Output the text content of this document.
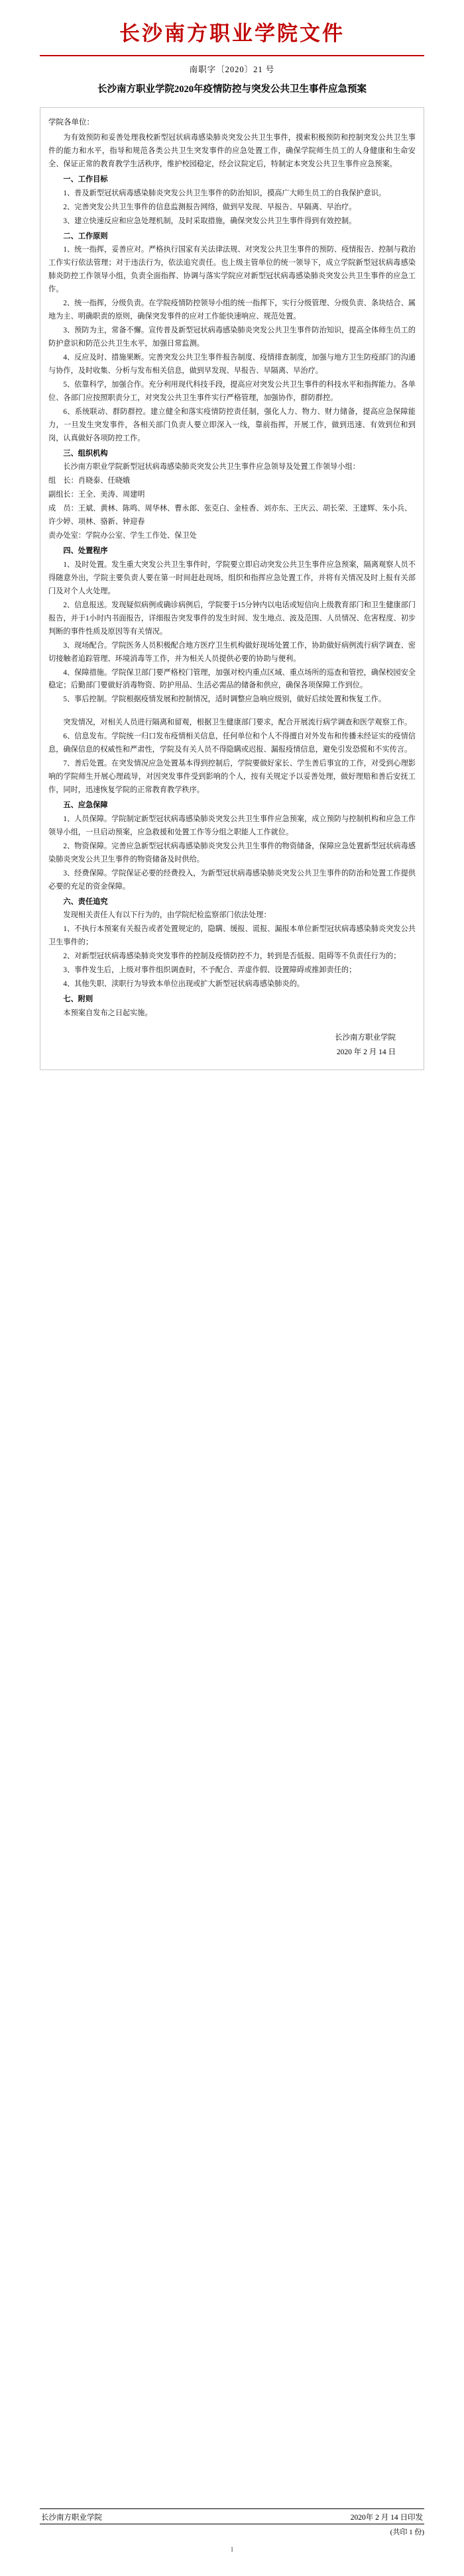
长沙南方职业学院文件
南职字〔2020〕21 号
长沙南方职业学院2020年疫情防控与突发公共卫生事件应急预案
学院各单位：

为有效预防和妥善处理我校新型冠状病毒感染肺炎突发公共卫生事件，摸索积极预防和控制突发公共卫生事件的能力和水平，指导和规范各类公共卫生突发事件的应急处置工作，确保学院师生员工的人身健康和生命安全、保证正常的教育教学生活秩序，维护校园稳定，经会议院定后，特制定本突发公共卫生事件应急预案。

一、工作目标

1、普及新型冠状病毒感染肺炎突发公共卫生事件的防治知识，摸高广大师生员工的自我保护意识。

2、完善突发公共卫生事件的信息监测报告网络，做到早发现、早报告、早隔离、早治疗。

3、建立快速反应和应急处理机制，及时采取措施，确保突发公共卫生事件得到有效控制。

二、工作原则

1、统一指挥，妥善应对。严格执行国家有关法律法规、对突发公共卫生事件的预防、疫情报告、控制与救治工作实行依法管理；对于违法行为，依法追究责任。也上级主管单位的统一领导下，成立学院新型冠状病毒感染肺炎防控工作领导小组，负责全面指挥、协调与落实学院应对新型冠状病毒感染肺炎突发公共卫生事件的应急工作。

2、统一指挥，分级负责。在学院疫情防控领导小组的统一指挥下，实行分级管理、分级负责、条块结合、属地为主、明确职责的原则，确保突发事件的应对工作能快速响应、规范处置。

3、预防为主，常备不懈。宣传普及新型冠状病毒感染肺炎突发公共卫生事件防治知识，提高全体师生员工的防护意识和防范公共卫生水平，加强日常监测。

4、反应及时、措施果断。完善突发公共卫生事件报告制度、疫情排查制度，加强与地方卫生防疫部门的沟通与协作，及时收集、分析与发布相关信息，做到早发现、早报告、早隔离、早治疗。

5、依靠科学，加强合作。充分利用现代科技手段，提高应对突发公共卫生事件的科技水平和指挥能力。各单位、各部门应按照职责分工，对突发公共卫生事件实行严格管理，加强协作，群防群控。

6、系统联动、群防群控。建立健全和落实疫情防控责任制，强化人力、物力、财力储备，提高应急保障能力，一旦发生突发事件，各相关部门负责人要立即深入一线，靠前指挥，开展工作，做到迅速、有效到位和到岗，认真做好各项防控工作。

三、组织机构

长沙南方职业学院新型冠状病毒感染肺炎突发公共卫生事件应急领导及处置工作领导小组：

组　长：肖晓泰、任晓娥

副组长：王全、美涛、周建明

成　员：王斌、黄林、陈鸣、周华林、曹永郎、张克白、金桂香、刘亦东、王庆云、胡长荣、王建辉、朱小兵、许少婷、项林、骆新、钟迎春

责办处室：学院办公室、学生工作处、保卫处

四、处置程序

1、及时处置。发生重大突发公共卫生事件时，学院要立即启动突发公共卫生事件应急预案，隔离观察人员不得随意外出，学院主要负责人要在第一时间赶赴现场，组织和指挥应急处置工作，并将有关情况及时上报有关部门及对个人火处理。

2、信息报送。发现疑似病例或确诊病例后，学院要于15分钟内以电话或短信向上级教育部门和卫生健康部门报告，并于1小时内书面报告，详细报告突发事件的发生时间、发生地点、波及范围、人员情况、危害程度、初步判断的事件性质及原因等有关情况。

3、现场配合。学院医务人员积极配合地方医疗卫生机构做好现场处置工作，协助做好病例流行病学调查、密切接触者追踪管理、环境消毒等工作，并为相关人员提供必要的协助与便利。

4、保障措施。学院保卫部门要严格校门管理，加强对校内重点区域、重点场所的巡查和管控，确保校园安全稳定；后勤部门要做好消毒物资、防护用品、生活必需品的储备和供应，确保各项保障工作到位。

5、事后控制。学院根据疫情发展和控制情况，适时调整应急响应级别，做好后续处置和恢复工作。

突发情况，对相关人员进行隔离和留观，根据卫生健康部门要求，配合开展流行病学调查和医学观察工作。

6、信息发布。学院统一归口发布疫情相关信息，任何单位和个人不得擅自对外发布和传播未经证实的疫情信息，确保信息的权威性和严肃性，学院及有关人员不得隐瞒或迟报、漏报疫情信息，避免引发恐慌和不实传言。

7、善后处置。在突发情况应急处置基本得到控制后，学院要做好家长、学生善后事宜的工作，对受到心理影响的学院师生开展心理疏导，对因突发事件受到影响的个人，按有关规定予以妥善处理，做好理赔和善后安抚工作，同时，迅速恢复学院的正常教育教学秩序。

五、应急保障

1、人员保障。学院制定新型冠状病毒感染肺炎突发公共卫生事件应急预案，成立预防与控制机构和应急工作领导小组，一旦启动预案，应急救援和处置工作等分组之职能人工作就位。

2、物资保障。完善应急新型冠状病毒感染肺炎突发公共卫生事件的物资储备，保障应急处置新型冠状病毒感染肺炎突发公共卫生事件的物资储备及时供给。

3、经费保障。学院保证必要的经费投入，为新型冠状病毒感染肺炎突发公共卫生事件的防治和处置工作提供必要的充足的资金保障。

六、责任追究

发现相关责任人有以下行为的，由学院纪检监察部门依法处理：

1、不执行本预案有关报告或者处置规定的，隐瞒、缓报、谎报、漏报本单位新型冠状病毒感染肺炎突发公共卫生事件的；

2、对新型冠状病毒感染肺炎突发事件的控制及疫情防控不力，转到是否低报、阻碍等不负责任行为的；

3、事件发生后，上级对事件组织调查时，不予配合、弄虚作假、设置障碍或推卸责任的；

4、其他失职、渎职行为导致本单位出现或扩大新型冠状病毒感染肺炎的。

七、附则

本预案自发布之日起实施。

长沙南方职业学院
2020 年 2 月 14 日
长沙南方职业学院	2020年 2 月 14 日印发
(共印 1 份)
1
